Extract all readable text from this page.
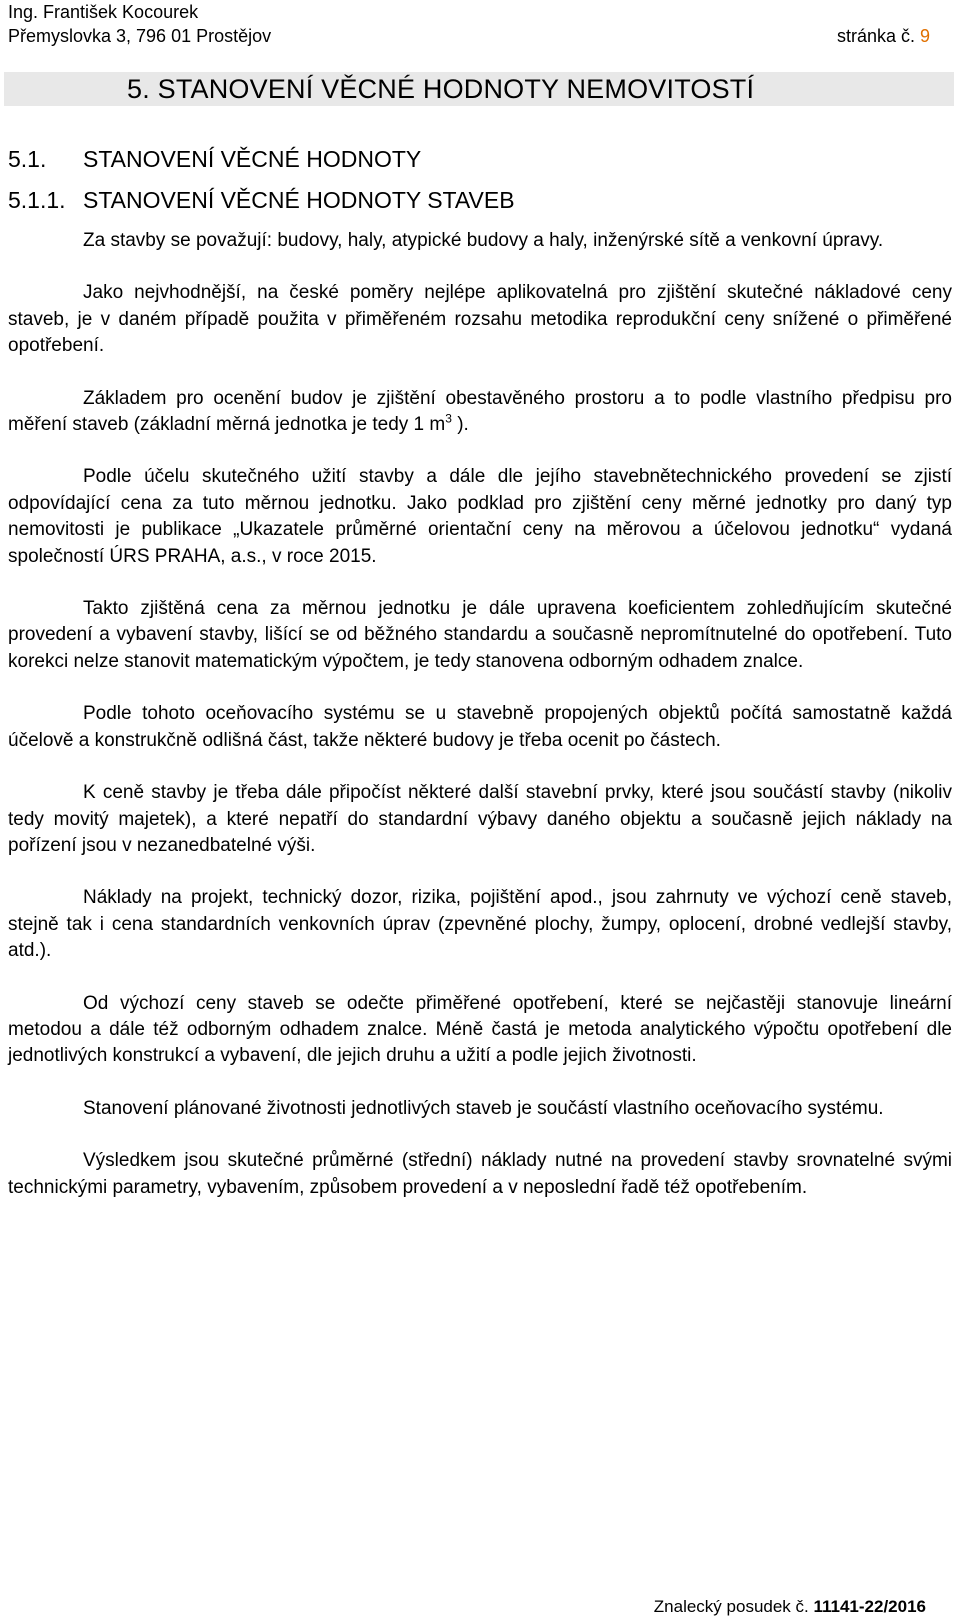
Ing. František Kocourek
Přemyslovka 3, 796 01 Prostějov	stránka č. 9
5. STANOVENÍ VĚCNÉ HODNOTY NEMOVITOSTÍ
5.1. STANOVENÍ VĚCNÉ HODNOTY
5.1.1. STANOVENÍ VĚCNÉ HODNOTY STAVEB

Za stavby se považují: budovy, haly, atypické budovy a haly, inženýrské sítě a venkovní úpravy.

Jako nejvhodnější, na české poměry nejlépe aplikovatelná pro zjištění skutečné nákladové ceny staveb, je v daném případě použita v přiměřeném rozsahu metodika reprodukční ceny snížené o přiměřené opotřebení.

Základem pro ocenění budov je zjištění obestavěného prostoru a to podle vlastního předpisu pro měření staveb (základní měrná jednotka je tedy 1 $m^3$ ).

Podle účelu skutečného užití stavby a dále dle jejího stavebnětechnického provedení se zjistí odpovídající cena za tuto měrnou jednotku. Jako podklad pro zjištění ceny měrné jednotky pro daný typ nemovitosti je publikace „Ukazatele průměrné orientační ceny na měrovou a účelovou jednotku“ vydaná společností ÚRS PRAHA, a.s., v roce 2015.

Takto zjištěná cena za měrnou jednotku je dále upravena koeficientem zohledňujícím skutečné provedení a vybavení stavby, lišící se od běžného standardu a současně nepromítnutelné do opotřebení. Tuto korekci nelze stanovit matematickým výpočtem, je tedy stanovena odborným odhadem znalce.

Podle tohoto oceňovacího systému se u stavebně propojených objektů počítá samostatně každá účelově a konstrukčně odlišná část, takže některé budovy je třeba ocenit po částech.

K ceně stavby je třeba dále připočíst některé další stavební prvky, které jsou součástí stavby (nikoliv tedy movitý majetek), a které nepatří do standardní výbavy daného objektu a současně jejich náklady na pořízení jsou v nezanedbatelné výši.

Náklady na projekt, technický dozor, rizika, pojištění apod., jsou zahrnuty ve výchozí ceně staveb, stejně tak i cena standardních venkovních úprav (zpevněné plochy, žumpy, oplocení, drobné vedlejší stavby, atd.).

Od výchozí ceny staveb se odečte přiměřené opotřebení, které se nejčastěji stanovuje lineární metodou a dále též odborným odhadem znalce. Méně častá je metoda analytického výpočtu opotřebení dle jednotlivých konstrukcí a vybavení, dle jejich druhu a užití a podle jejich životnosti.

Stanovení plánované životnosti jednotlivých staveb je součástí vlastního oceňovacího systému.

Výsledkem jsou skutečné průměrné (střední) náklady nutné na provedení stavby srovnatelné svými technickými parametry, vybavením, způsobem provedení a v neposlední řadě též opotřebením.

Znalecký posudek č. 11141-22/2016
